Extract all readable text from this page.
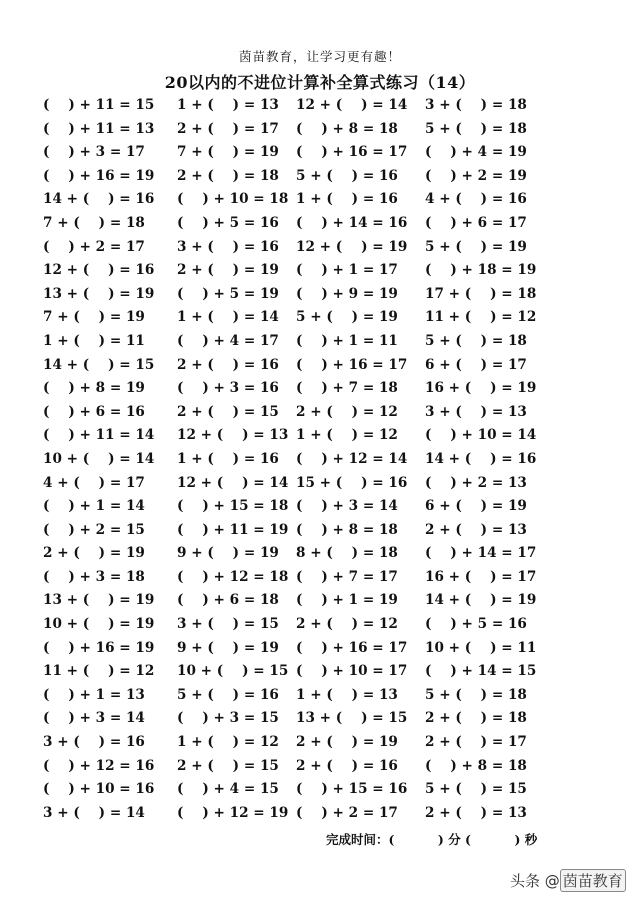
茵苗教育，让学习更有趣！
20以内的不进位计算补全算式练习（14）
(    ) + 11 = 15 1 + (    ) = 13 12 + (    ) = 14 3 + (    ) = 18
(    ) + 11 = 13 2 + (    ) = 17 (    ) + 8 = 18 5 + (    ) = 18
(    ) + 3 = 17 7 + (    ) = 19 (    ) + 16 = 17 (    ) + 4 = 19
(    ) + 16 = 19 2 + (    ) = 18 5 + (    ) = 16 (    ) + 2 = 19
14 + (    ) = 16 (    ) + 10 = 18 1 + (    ) = 16 4 + (    ) = 16
7 + (    ) = 18 (    ) + 5 = 16 (    ) + 14 = 16 (    ) + 6 = 17
(    ) + 2 = 17 3 + (    ) = 16 12 + (    ) = 19 5 + (    ) = 19
12 + (    ) = 16 2 + (    ) = 19 (    ) + 1 = 17 (    ) + 18 = 19
13 + (    ) = 19 (    ) + 5 = 19 (    ) + 9 = 19 17 + (    ) = 18
7 + (    ) = 19 1 + (    ) = 14 5 + (    ) = 19 11 + (    ) = 12
1 + (    ) = 11 (    ) + 4 = 17 (    ) + 1 = 11 5 + (    ) = 18
14 + (    ) = 15 2 + (    ) = 16 (    ) + 16 = 17 6 + (    ) = 17
(    ) + 8 = 19 (    ) + 3 = 16 (    ) + 7 = 18 16 + (    ) = 19
(    ) + 6 = 16 2 + (    ) = 15 2 + (    ) = 12 3 + (    ) = 13
(    ) + 11 = 14 12 + (    ) = 13 1 + (    ) = 12 (    ) + 10 = 14
10 + (    ) = 14 1 + (    ) = 16 (    ) + 12 = 14 14 + (    ) = 16
4 + (    ) = 17 12 + (    ) = 14 15 + (    ) = 16 (    ) + 2 = 13
(    ) + 1 = 14 (    ) + 15 = 18 (    ) + 3 = 14 6 + (    ) = 19
(    ) + 2 = 15 (    ) + 11 = 19 (    ) + 8 = 18 2 + (    ) = 13
2 + (    ) = 19 9 + (    ) = 19 8 + (    ) = 18 (    ) + 14 = 17
(    ) + 3 = 18 (    ) + 12 = 18 (    ) + 7 = 17 16 + (    ) = 17
13 + (    ) = 19 (    ) + 6 = 18 (    ) + 1 = 19 14 + (    ) = 19
10 + (    ) = 19 3 + (    ) = 15 2 + (    ) = 12 (    ) + 5 = 16
(    ) + 16 = 19 9 + (    ) = 19 (    ) + 16 = 17 10 + (    ) = 11
11 + (    ) = 12 10 + (    ) = 15 (    ) + 10 = 17 (    ) + 14 = 15
(    ) + 1 = 13 5 + (    ) = 16 1 + (    ) = 13 5 + (    ) = 18
(    ) + 3 = 14 (    ) + 3 = 15 13 + (    ) = 15 2 + (    ) = 18
3 + (    ) = 16 1 + (    ) = 12 2 + (    ) = 19 2 + (    ) = 17
(    ) + 12 = 16 2 + (    ) = 15 2 + (    ) = 16 (    ) + 8 = 18
(    ) + 10 = 16 (    ) + 4 = 15 (    ) + 15 = 16 5 + (    ) = 15
3 + (    ) = 14 (    ) + 12 = 19 (    ) + 2 = 17 2 + (    ) = 13
完成时间：(          ) 分 (          ) 秒
头条 @ 茵苗教育
